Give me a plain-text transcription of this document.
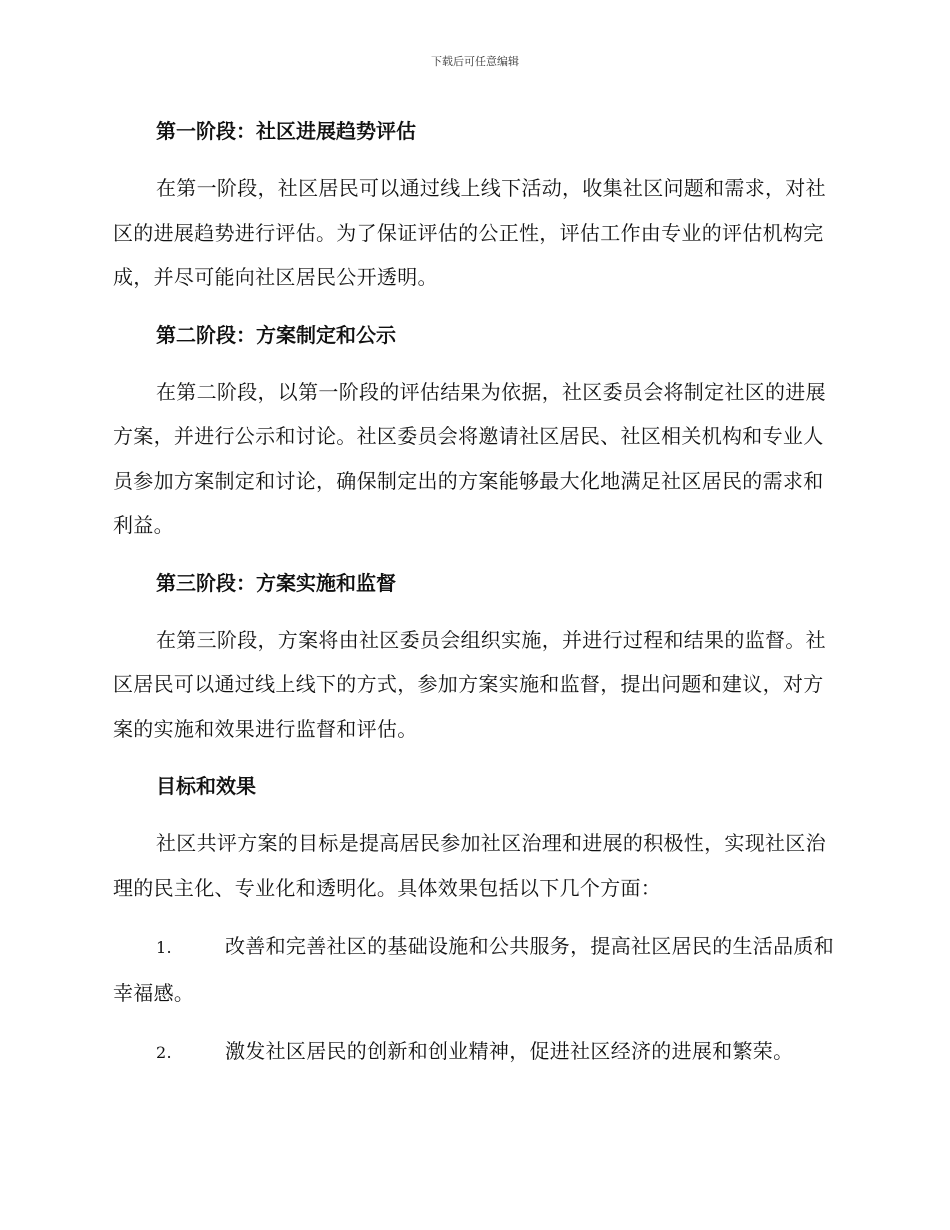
下载后可任意编辑
第一阶段：社区进展趋势评估

在第一阶段，社区居民可以通过线上线下活动，收集社区问题和需求，对社区的进展趋势进行评估。为了保证评估的公正性，评估工作由专业的评估机构完成，并尽可能向社区居民公开透明。

第二阶段：方案制定和公示

在第二阶段，以第一阶段的评估结果为依据，社区委员会将制定社区的进展方案，并进行公示和讨论。社区委员会将邀请社区居民、社区相关机构和专业人员参加方案制定和讨论，确保制定出的方案能够最大化地满足社区居民的需求和利益。

第三阶段：方案实施和监督

在第三阶段，方案将由社区委员会组织实施，并进行过程和结果的监督。社区居民可以通过线上线下的方式，参加方案实施和监督，提出问题和建议，对方案的实施和效果进行监督和评估。

目标和效果

社区共评方案的目标是提高居民参加社区治理和进展的积极性，实现社区治理的民主化、专业化和透明化。具体效果包括以下几个方面：

1.	改善和完善社区的基础设施和公共服务，提高社区居民的生活品质和幸福感。

2.	激发社区居民的创新和创业精神，促进社区经济的进展和繁荣。
